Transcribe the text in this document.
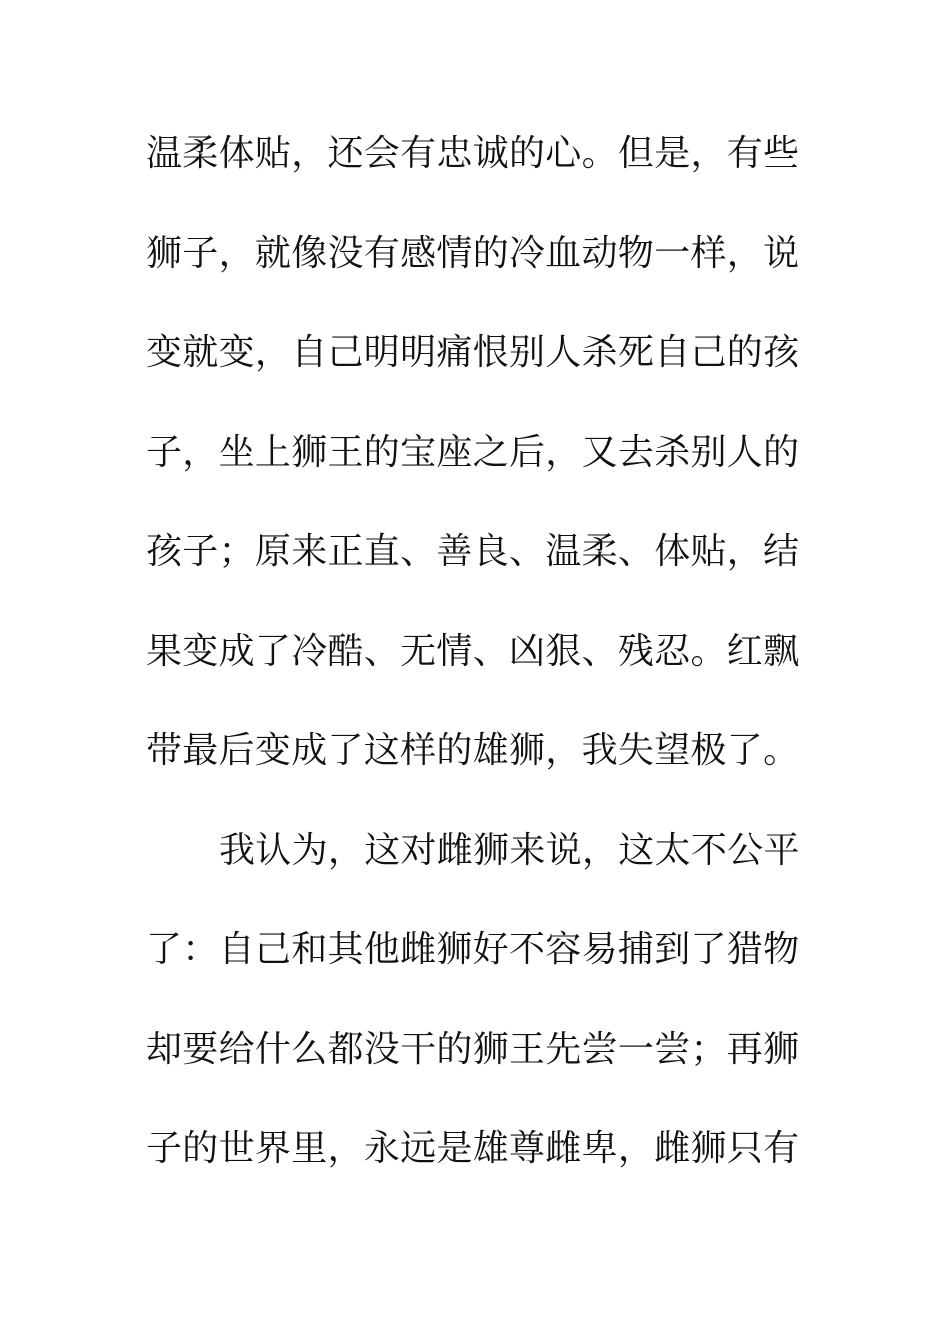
温柔体贴，还会有忠诚的心。但是，有些
狮子，就像没有感情的冷血动物一样，说
变就变，自己明明痛恨别人杀死自己的孩
子，坐上狮王的宝座之后，又去杀别人的
孩子；原来正直、善良、温柔、体贴，结
果变成了冷酷、无情、凶狠、残忍。红飘
带最后变成了这样的雄狮，我失望极了。
我认为，这对雌狮来说，这太不公平
了：自己和其他雌狮好不容易捕到了猎物
却要给什么都没干的狮王先尝一尝；再狮
子的世界里，永远是雄尊雌卑，雌狮只有
